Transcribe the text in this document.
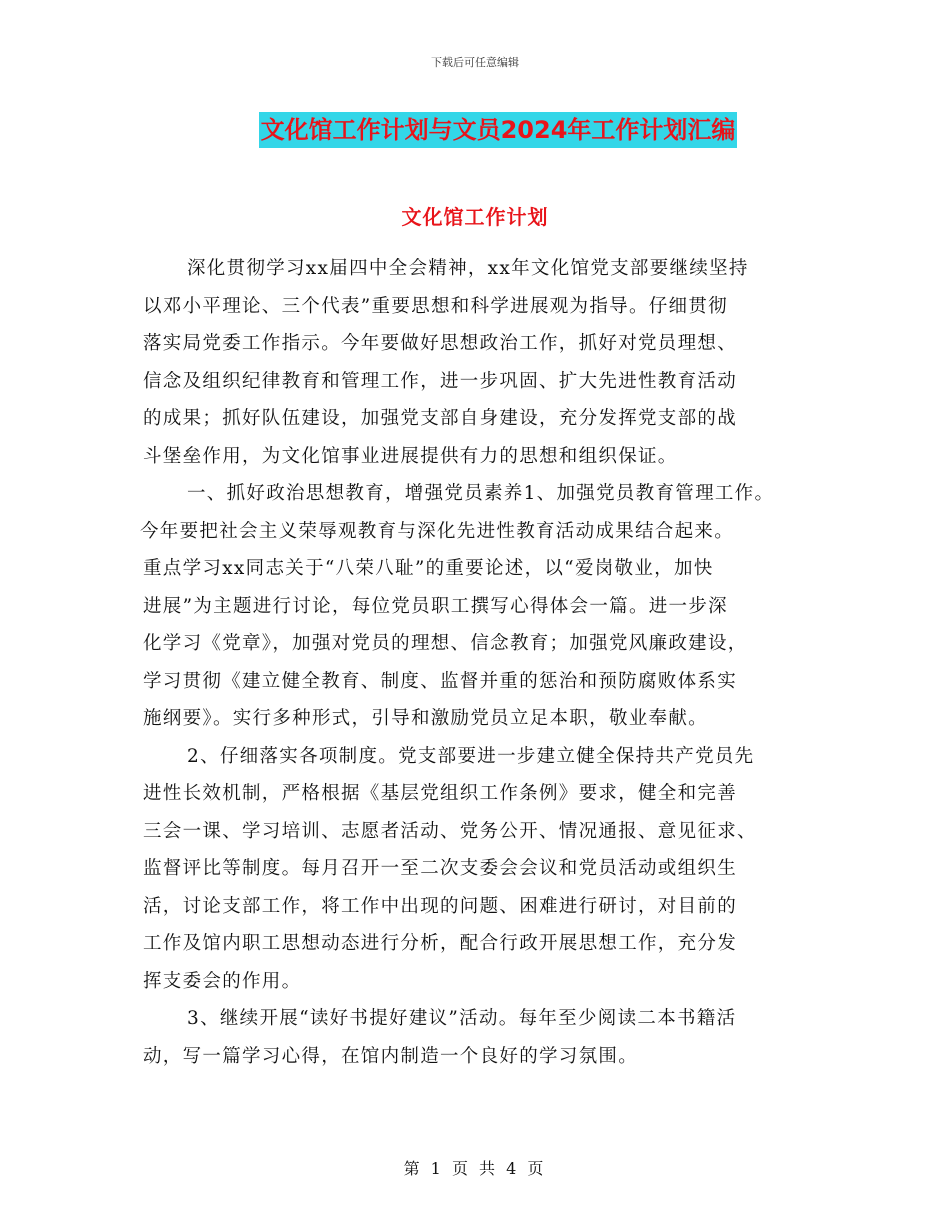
下载后可任意编辑
文化馆工作计划与文员2024年工作计划汇编
文化馆工作计划
深化贯彻学习xx届四中全会精神，xx年文化馆党支部要继续坚持
以邓小平理论、三个代表”重要思想和科学进展观为指导。仔细贯彻
落实局党委工作指示。今年要做好思想政治工作，抓好对党员理想、
信念及组织纪律教育和管理工作，进一步巩固、扩大先进性教育活动
的成果；抓好队伍建设，加强党支部自身建设，充分发挥党支部的战
斗堡垒作用，为文化馆事业进展提供有力的思想和组织保证。
一、抓好政治思想教育，增强党员素养1、加强党员教育管理工作。
今年要把社会主义荣辱观教育与深化先进性教育活动成果结合起来。
重点学习xx同志关于“八荣八耻”的重要论述，以“爱岗敬业，加快
进展”为主题进行讨论，每位党员职工撰写心得体会一篇。进一步深
化学习《党章》，加强对党员的理想、信念教育；加强党风廉政建设，
学习贯彻《建立健全教育、制度、监督并重的惩治和预防腐败体系实
施纲要》。实行多种形式，引导和激励党员立足本职，敬业奉献。
2、仔细落实各项制度。党支部要进一步建立健全保持共产党员先
进性长效机制，严格根据《基层党组织工作条例》要求，健全和完善
三会一课、学习培训、志愿者活动、党务公开、情况通报、意见征求、
监督评比等制度。每月召开一至二次支委会会议和党员活动或组织生
活，讨论支部工作，将工作中出现的问题、困难进行研讨，对目前的
工作及馆内职工思想动态进行分析，配合行政开展思想工作，充分发
挥支委会的作用。
3、继续开展“读好书提好建议”活动。每年至少阅读二本书籍活
动，写一篇学习心得，在馆内制造一个良好的学习氛围。
第 1 页 共 4 页
